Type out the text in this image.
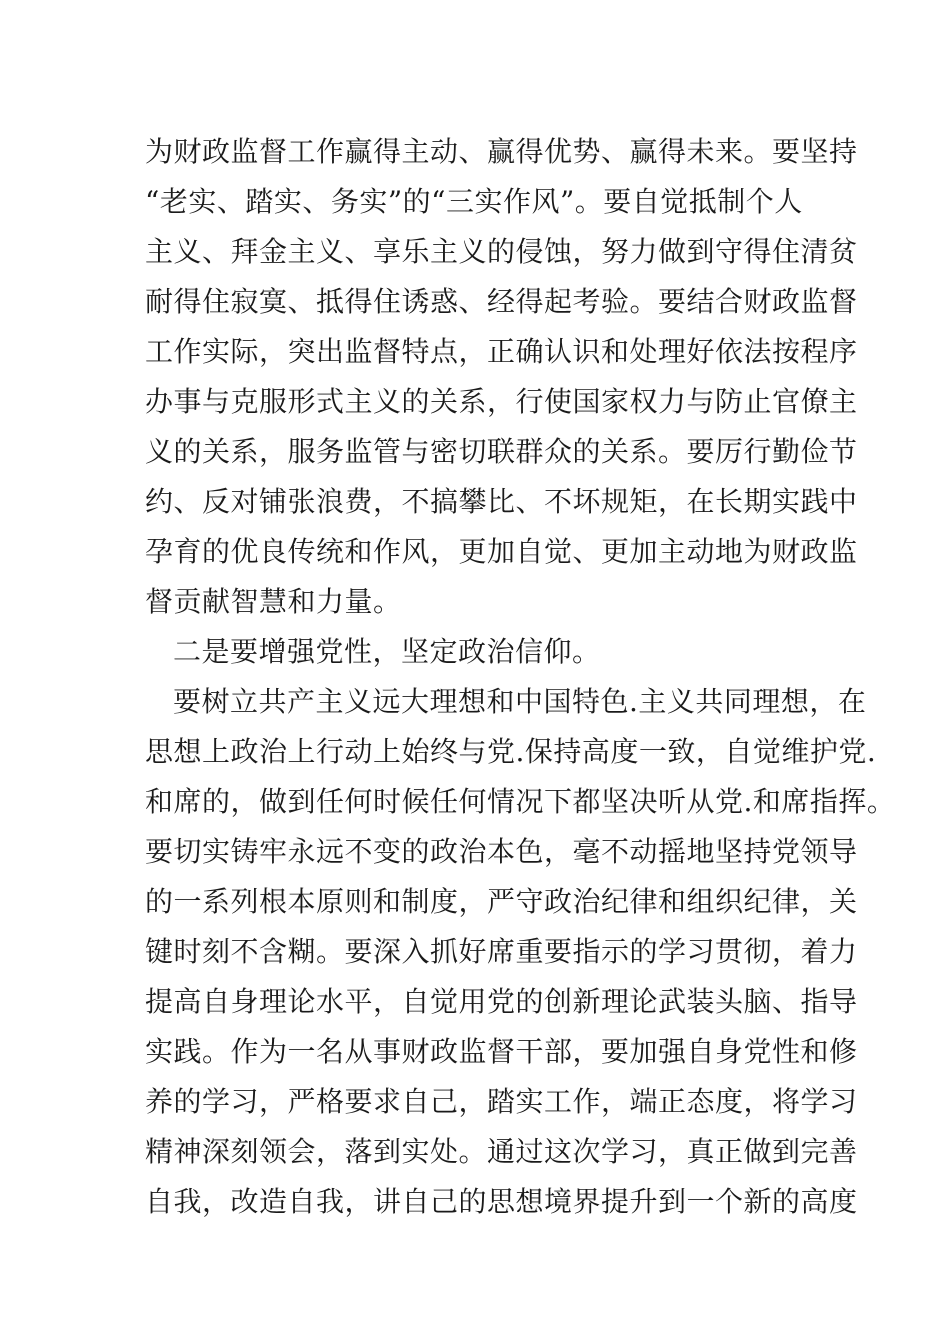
为财政监督工作赢得主动、赢得优势、赢得未来。要坚持
“老实、踏实、务实”的“三实作风”。要自觉抵制个人
主义、拜金主义、享乐主义的侵蚀，努力做到守得住清贫
耐得住寂寞、抵得住诱惑、经得起考验。要结合财政监督
工作实际，突出监督特点，正确认识和处理好依法按程序
办事与克服形式主义的关系，行使国家权力与防止官僚主
义的关系，服务监管与密切联群众的关系。要厉行勤俭节
约、反对铺张浪费，不搞攀比、不坏规矩，在长期实践中
孕育的优良传统和作风，更加自觉、更加主动地为财政监
督贡献智慧和力量。
二是要增强党性，坚定政治信仰。
要树立共产主义远大理想和中国特色.主义共同理想，在
思想上政治上行动上始终与党.保持高度一致，自觉维护党.
和席的，做到任何时候任何情况下都坚决听从党.和席指挥。
要切实铸牢永远不变的政治本色，毫不动摇地坚持党领导
的一系列根本原则和制度，严守政治纪律和组织纪律，关
键时刻不含糊。要深入抓好席重要指示的学习贯彻，着力
提高自身理论水平，自觉用党的创新理论武装头脑、指导
实践。作为一名从事财政监督干部，要加强自身党性和修
养的学习，严格要求自己，踏实工作，端正态度，将学习
精神深刻领会，落到实处。通过这次学习，真正做到完善
自我，改造自我，讲自己的思想境界提升到一个新的高度
